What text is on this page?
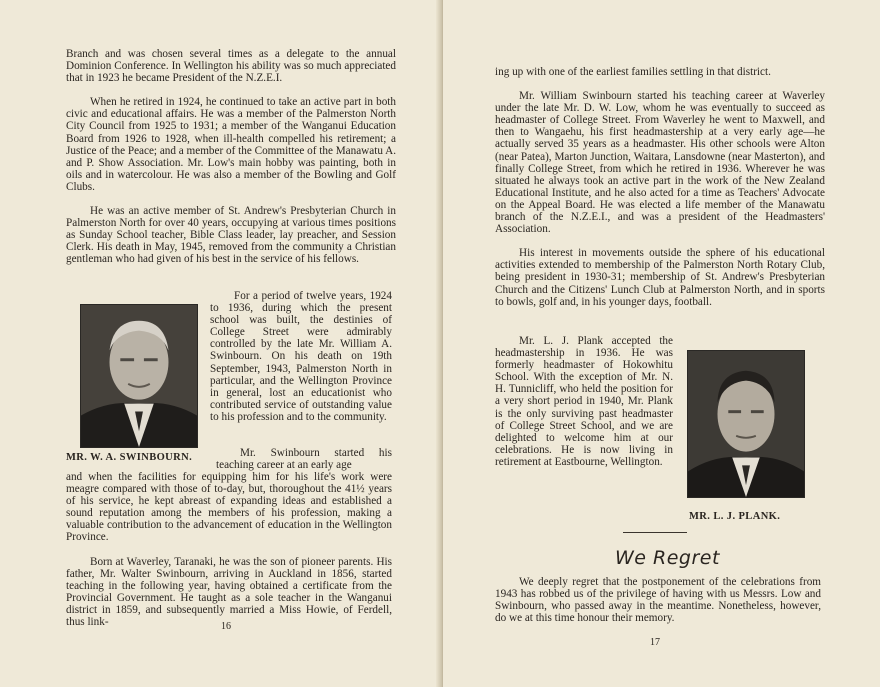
Branch and was chosen several times as a delegate to the annual Dominion Conference. In Wellington his ability was so much appreciated that in 1923 he became President of the N.Z.E.I.

When he retired in 1924, he continued to take an active part in both civic and educational affairs. He was a member of the Palmerston North City Council from 1925 to 1931; a member of the Wanganui Education Board from 1926 to 1928, when ill-health compelled his retirement; a Justice of the Peace; and a member of the Committee of the Manawatu A. and P. Show Association. Mr. Low's main hobby was painting, both in oils and in watercolour. He was also a member of the Bowling and Golf Clubs.

He was an active member of St. Andrew's Presbyterian Church in Palmerston North for over 40 years, occupying at various times positions as Sunday School teacher, Bible Class leader, lay preacher, and Session Clerk. His death in May, 1945, removed from the community a Christian gentleman who had given of his best in the service of his fellows.

For a period of twelve years, 1924 to 1936, during which the present school was built, the destinies of College Street were admirably controlled by the late Mr. William A. Swinbourn. On his death on 19th September, 1943, Palmerston North in particular, and the Wellington Province in general, lost an educationist who contributed service of outstanding value to his profession and to the community.

MR. W. A. SWINBOURN.	Mr. Swinbourn started his teaching career at an early age

and when the facilities for equipping him for his life's work were meagre compared with those of to-day, but, thoroughout the 41½ years of his service, he kept abreast of expanding ideas and established a sound reputation among the members of his profession, making a valuable contribution to the advancement of education in the Wellington Province.

Born at Waverley, Taranaki, he was the son of pioneer parents. His father, Mr. Walter Swinbourn, arriving in Auckland in 1856, started teaching in the following year, having obtained a certificate from the Provincial Government. He taught as a sole teacher in the Wanganui district in 1859, and subsequently married a Miss Howie, of Ferdell, thus link-	16

ing up with one of the earliest families settling in that district.

Mr. William Swinbourn started his teaching career at Waverley under the late Mr. D. W. Low, whom he was eventually to succeed as headmaster of College Street. From Waverley he went to Maxwell, and then to Wangaehu, his first headmastership at a very early age—he actually served 35 years as a headmaster. His other schools were Alton (near Patea), Marton Junction, Waitara, Lansdowne (near Masterton), and finally College Street, from which he retired in 1936. Wherever he was situated he always took an active part in the work of the New Zealand Educational Institute, and he also acted for a time as Teachers' Advocate on the Appeal Board. He was elected a life member of the Manawatu branch of the N.Z.E.I., and was a president of the Headmasters' Association.

His interest in movements outside the sphere of his educational activities extended to membership of the Palmerston North Rotary Club, being president in 1930-31; membership of St. Andrew's Presbyterian Church and the Citizens' Lunch Club at Palmerston North, and in sports to bowls, golf and, in his younger days, football.

Mr. L. J. Plank accepted the headmastership in 1936. He was formerly headmaster of Hokowhitu School. With the exception of Mr. N. H. Tunnicliff, who held the position for a very short period in 1940, Mr. Plank is the only surviving past headmaster of College Street School, and we are delighted to welcome him at our celebrations. He is now living in retirement at Eastbourne, Wellington.

MR. L. J. PLANK.
We Regret

We deeply regret that the postponement of the celebrations from 1943 has robbed us of the privilege of having with us Messrs. Low and Swinbourn, who passed away in the meantime. Nonetheless, however, do we at this time honour their memory.

17
